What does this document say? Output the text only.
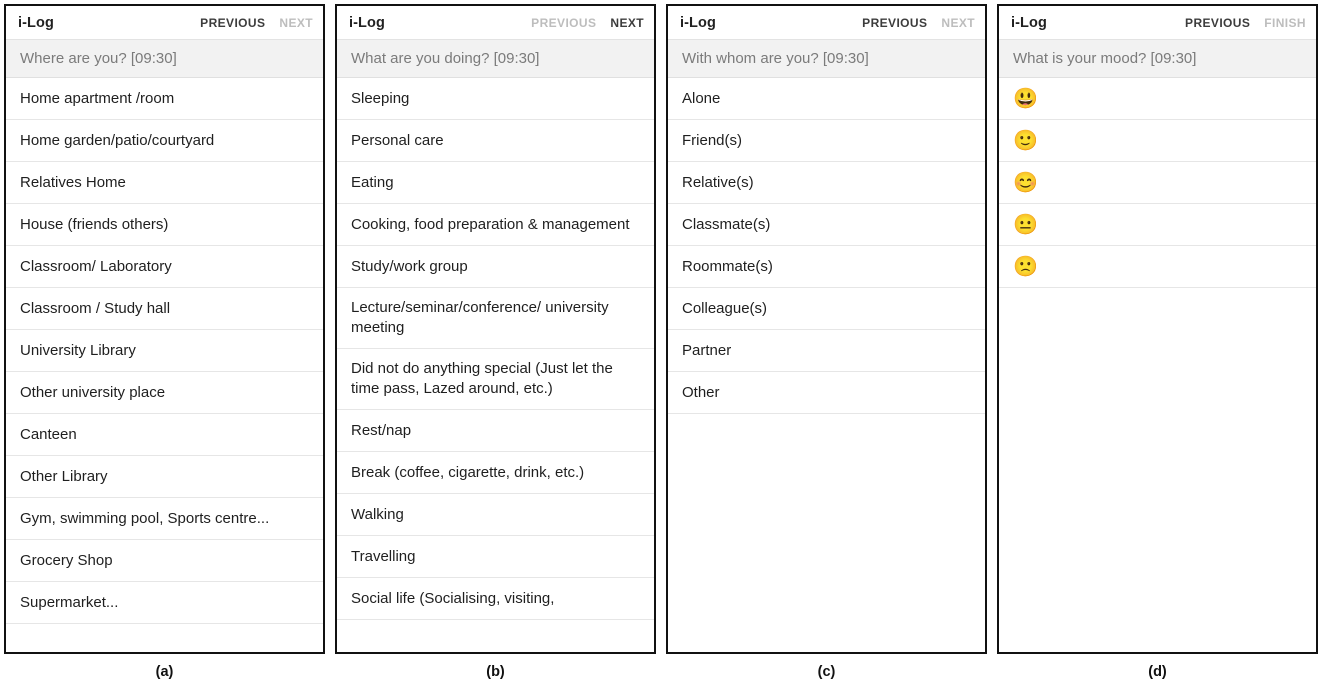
i-Log	PREVIOUS NEXT
Where are you? [09:30]
Home apartment /room
Home garden/patio/courtyard
Relatives Home
House (friends others)
Classroom/ Laboratory
Classroom / Study hall
University Library
Other university place
Canteen
Other Library
Gym, swimming pool, Sports centre...
Grocery Shop
Supermarket...
(a)
i-Log	PREVIOUS NEXT
What are you doing? [09:30]
Sleeping
Personal care
Eating
Cooking, food preparation & management
Study/work group
Lecture/seminar/conference/ university meeting
Did not do anything special (Just let the time pass, Lazed around, etc.)
Rest/nap
Break (coffee, cigarette, drink, etc.)
Walking
Travelling
Social life (Socialising, visiting,
(b)
i-Log	PREVIOUS NEXT
With whom are you? [09:30]
Alone
Friend(s)
Relative(s)
Classmate(s)
Roommate(s)
Colleague(s)
Partner
Other
(c)
i-Log	PREVIOUS FINISH
What is your mood? [09:30]
😃
🙂
😊
😐
🙁
(d)
